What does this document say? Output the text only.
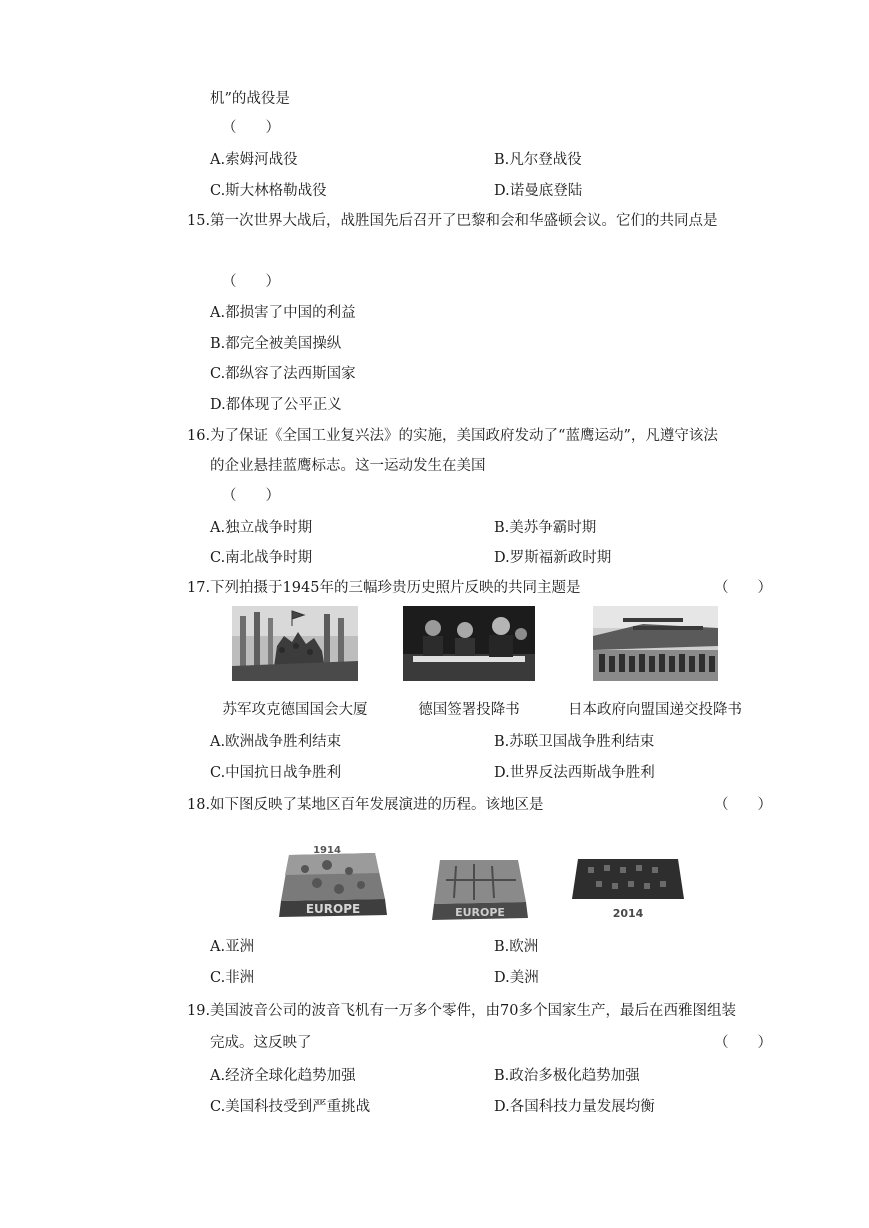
机”的战役是
（　　）
A.索姆河战役	B.凡尔登战役
C.斯大林格勒战役	D.诺曼底登陆
15.第一次世界大战后，战胜国先后召开了巴黎和会和华盛顿会议。它们的共同点是
（　　）
A.都损害了中国的利益
B.都完全被美国操纵
C.都纵容了法西斯国家
D.都体现了公平正义
16.为了保证《全国工业复兴法》的实施，美国政府发动了“蓝鹰运动”，凡遵守该法
的企业悬挂蓝鹰标志。这一运动发生在美国
（　　）
A.独立战争时期	B.美苏争霸时期
C.南北战争时期	D.罗斯福新政时期
17.下列拍摄于1945年的三幅珍贵历史照片反映的共同主题是	（　　）
苏军攻克德国国会大厦	德国签署投降书	日本政府向盟国递交投降书
A.欧洲战争胜利结束	B.苏联卫国战争胜利结束
C.中国抗日战争胜利	D.世界反法西斯战争胜利
18.如下图反映了某地区百年发展演进的历程。该地区是	（　　）
EUROPE
1914
EUROPE	2014
A.亚洲	B.欧洲
C.非洲	D.美洲
19.美国波音公司的波音飞机有一万多个零件，由70多个国家生产，最后在西雅图组装
完成。这反映了	（　　）
A.经济全球化趋势加强	B.政治多极化趋势加强
C.美国科技受到严重挑战	D.各国科技力量发展均衡
